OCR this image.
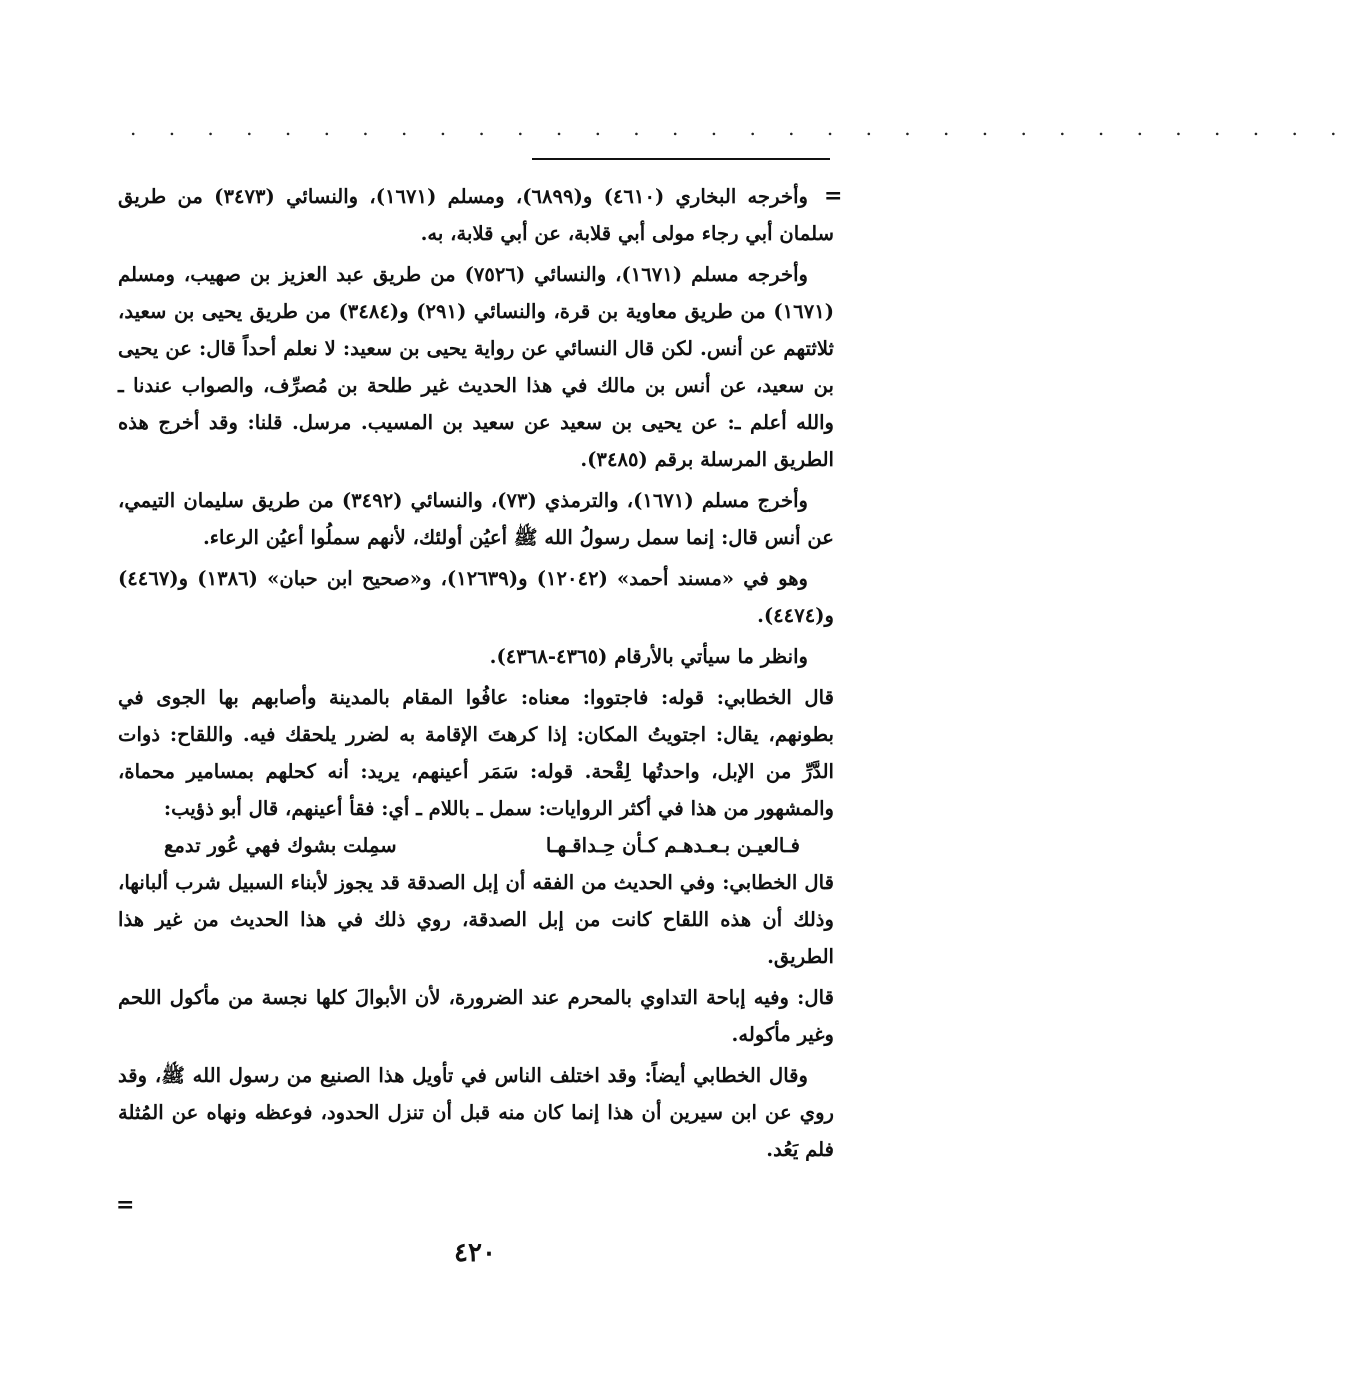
. . . . . . . . . . . . . . . . . . . . . . . . . . . . . . . .
=

وأخرجه البخاري (٤٦١٠) و(٦٨٩٩)، ومسلم (١٦٧١)، والنسائي (٣٤٧٣) من طريق سلمان أبي رجاء مولى أبي قلابة، عن أبي قلابة، به.

وأخرجه مسلم (١٦٧١)، والنسائي (٧٥٢٦) من طريق عبد العزيز بن صهيب، ومسلم (١٦٧١) من طريق معاوية بن قرة، والنسائي (٢٩١) و(٣٤٨٤) من طريق يحيى بن سعيد، ثلاثتهم عن أنس. لكن قال النسائي عن رواية يحيى بن سعيد: لا نعلم أحداً قال: عن يحيى بن سعيد، عن أنس بن مالك في هذا الحديث غير طلحة بن مُصرِّف، والصواب عندنا ـ والله أعلم ـ: عن يحيى بن سعيد عن سعيد بن المسيب. مرسل. قلنا: وقد أخرج هذه الطريق المرسلة برقم (٣٤٨٥).

وأخرج مسلم (١٦٧١)، والترمذي (٧٣)، والنسائي (٣٤٩٢) من طريق سليمان التيمي، عن أنس قال: إنما سمل رسولُ الله ﷺ أعيُن أولئك، لأنهم سملُوا أعيُن الرعاء.

وهو في «مسند أحمد» (١٢٠٤٢) و(١٢٦٣٩)، و«صحيح ابن حبان» (١٣٨٦) و(٤٤٦٧) و(٤٤٧٤).

وانظر ما سيأتي بالأرقام (٤٣٦٥-٤٣٦٨).

قال الخطابي: قوله: فاجتووا: معناه: عافُوا المقام بالمدينة وأصابهم بها الجوى في بطونهم، يقال: اجتويتُ المكان: إذا كرهتَ الإقامة به لضرر يلحقك فيه. واللقاح: ذوات الدَّرِّ من الإبل، واحدتُها لِقْحة. قوله: سَمَر أعينهم، يريد: أنه كحلهم بمسامير محماة، والمشهور من هذا في أكثر الروايات: سمل ـ باللام ـ أي: فقأ أعينهم، قال أبو ذؤيب:

فـالعيـن بـعـدهـم كـأن حِـداقـهـا
سمِلت بشوك فهي عُور تدمع

قال الخطابي: وفي الحديث من الفقه أن إبل الصدقة قد يجوز لأبناء السبيل شرب ألبانها، وذلك أن هذه اللقاح كانت من إبل الصدقة، روي ذلك في هذا الحديث من غير هذا الطريق.

قال: وفيه إباحة التداوي بالمحرم عند الضرورة، لأن الأبوالَ كلها نجسة من مأكول اللحم وغير مأكوله.

وقال الخطابي أيضاً: وقد اختلف الناس في تأويل هذا الصنيع من رسول الله ﷺ، وقد روي عن ابن سيرين أن هذا إنما كان منه قبل أن تنزل الحدود، فوعظه ونهاه عن المُثلة فلم يَعُد.

=
٤٢٠
